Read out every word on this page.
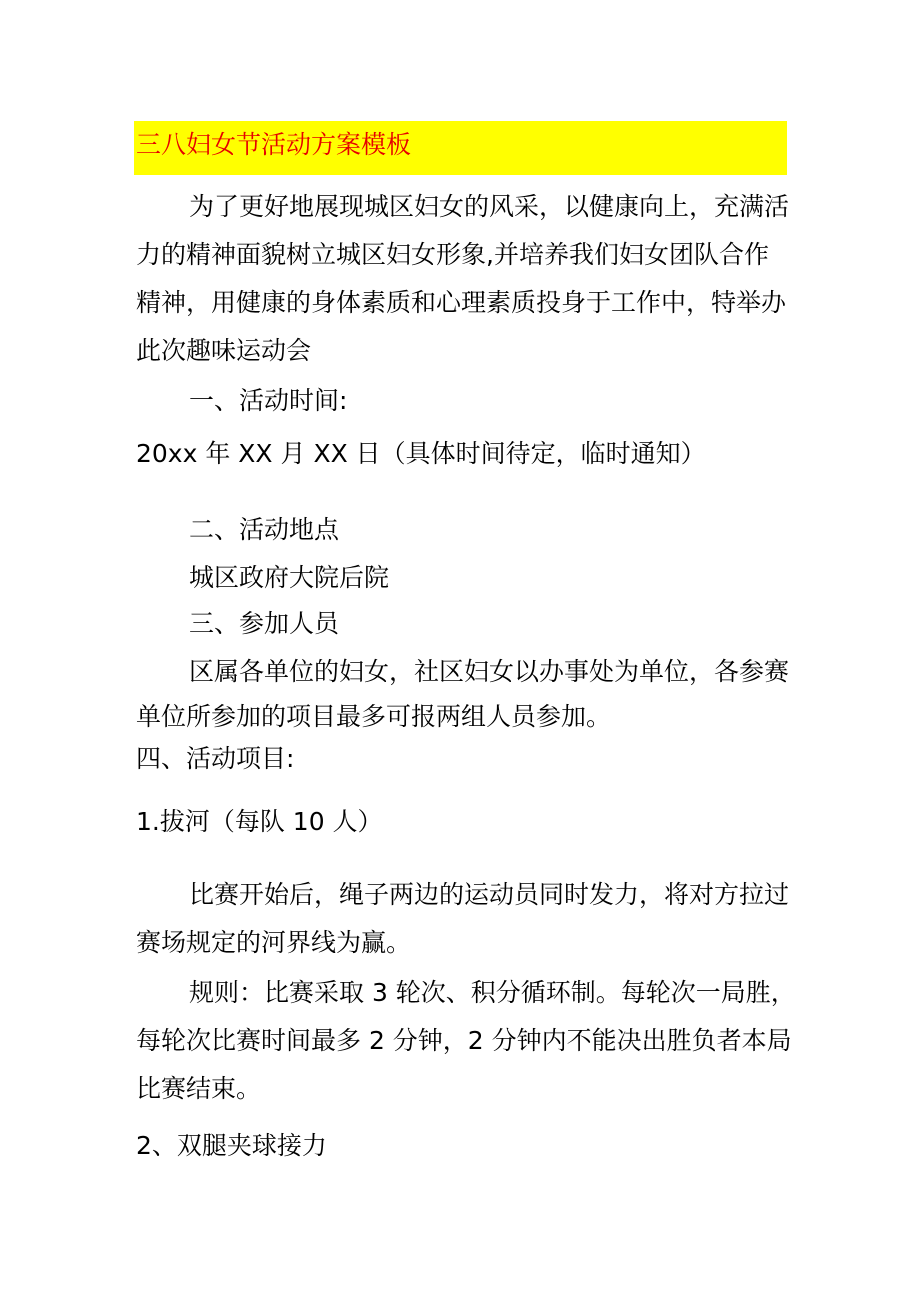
三八妇女节活动方案模板
为了更好地展现城区妇女的风采，以健康向上，充满活
力的精神面貌树立城区妇女形象,并培养我们妇女团队合作
精神，用健康的身体素质和心理素质投身于工作中，特举办
此次趣味运动会
一、活动时间:
20xx 年 XX 月 XX 日（具体时间待定，临时通知）
二、活动地点
城区政府大院后院
三、参加人员
区属各单位的妇女，社区妇女以办事处为单位，各参赛
单位所参加的项目最多可报两组人员参加。
四、活动项目:
1.拔河（每队 10 人）
比赛开始后，绳子两边的运动员同时发力，将对方拉过
赛场规定的河界线为赢。
规则：比赛采取 3 轮次、积分循环制。每轮次一局胜，
每轮次比赛时间最多 2 分钟，2 分钟内不能决出胜负者本局
比赛结束。
2、双腿夹球接力
